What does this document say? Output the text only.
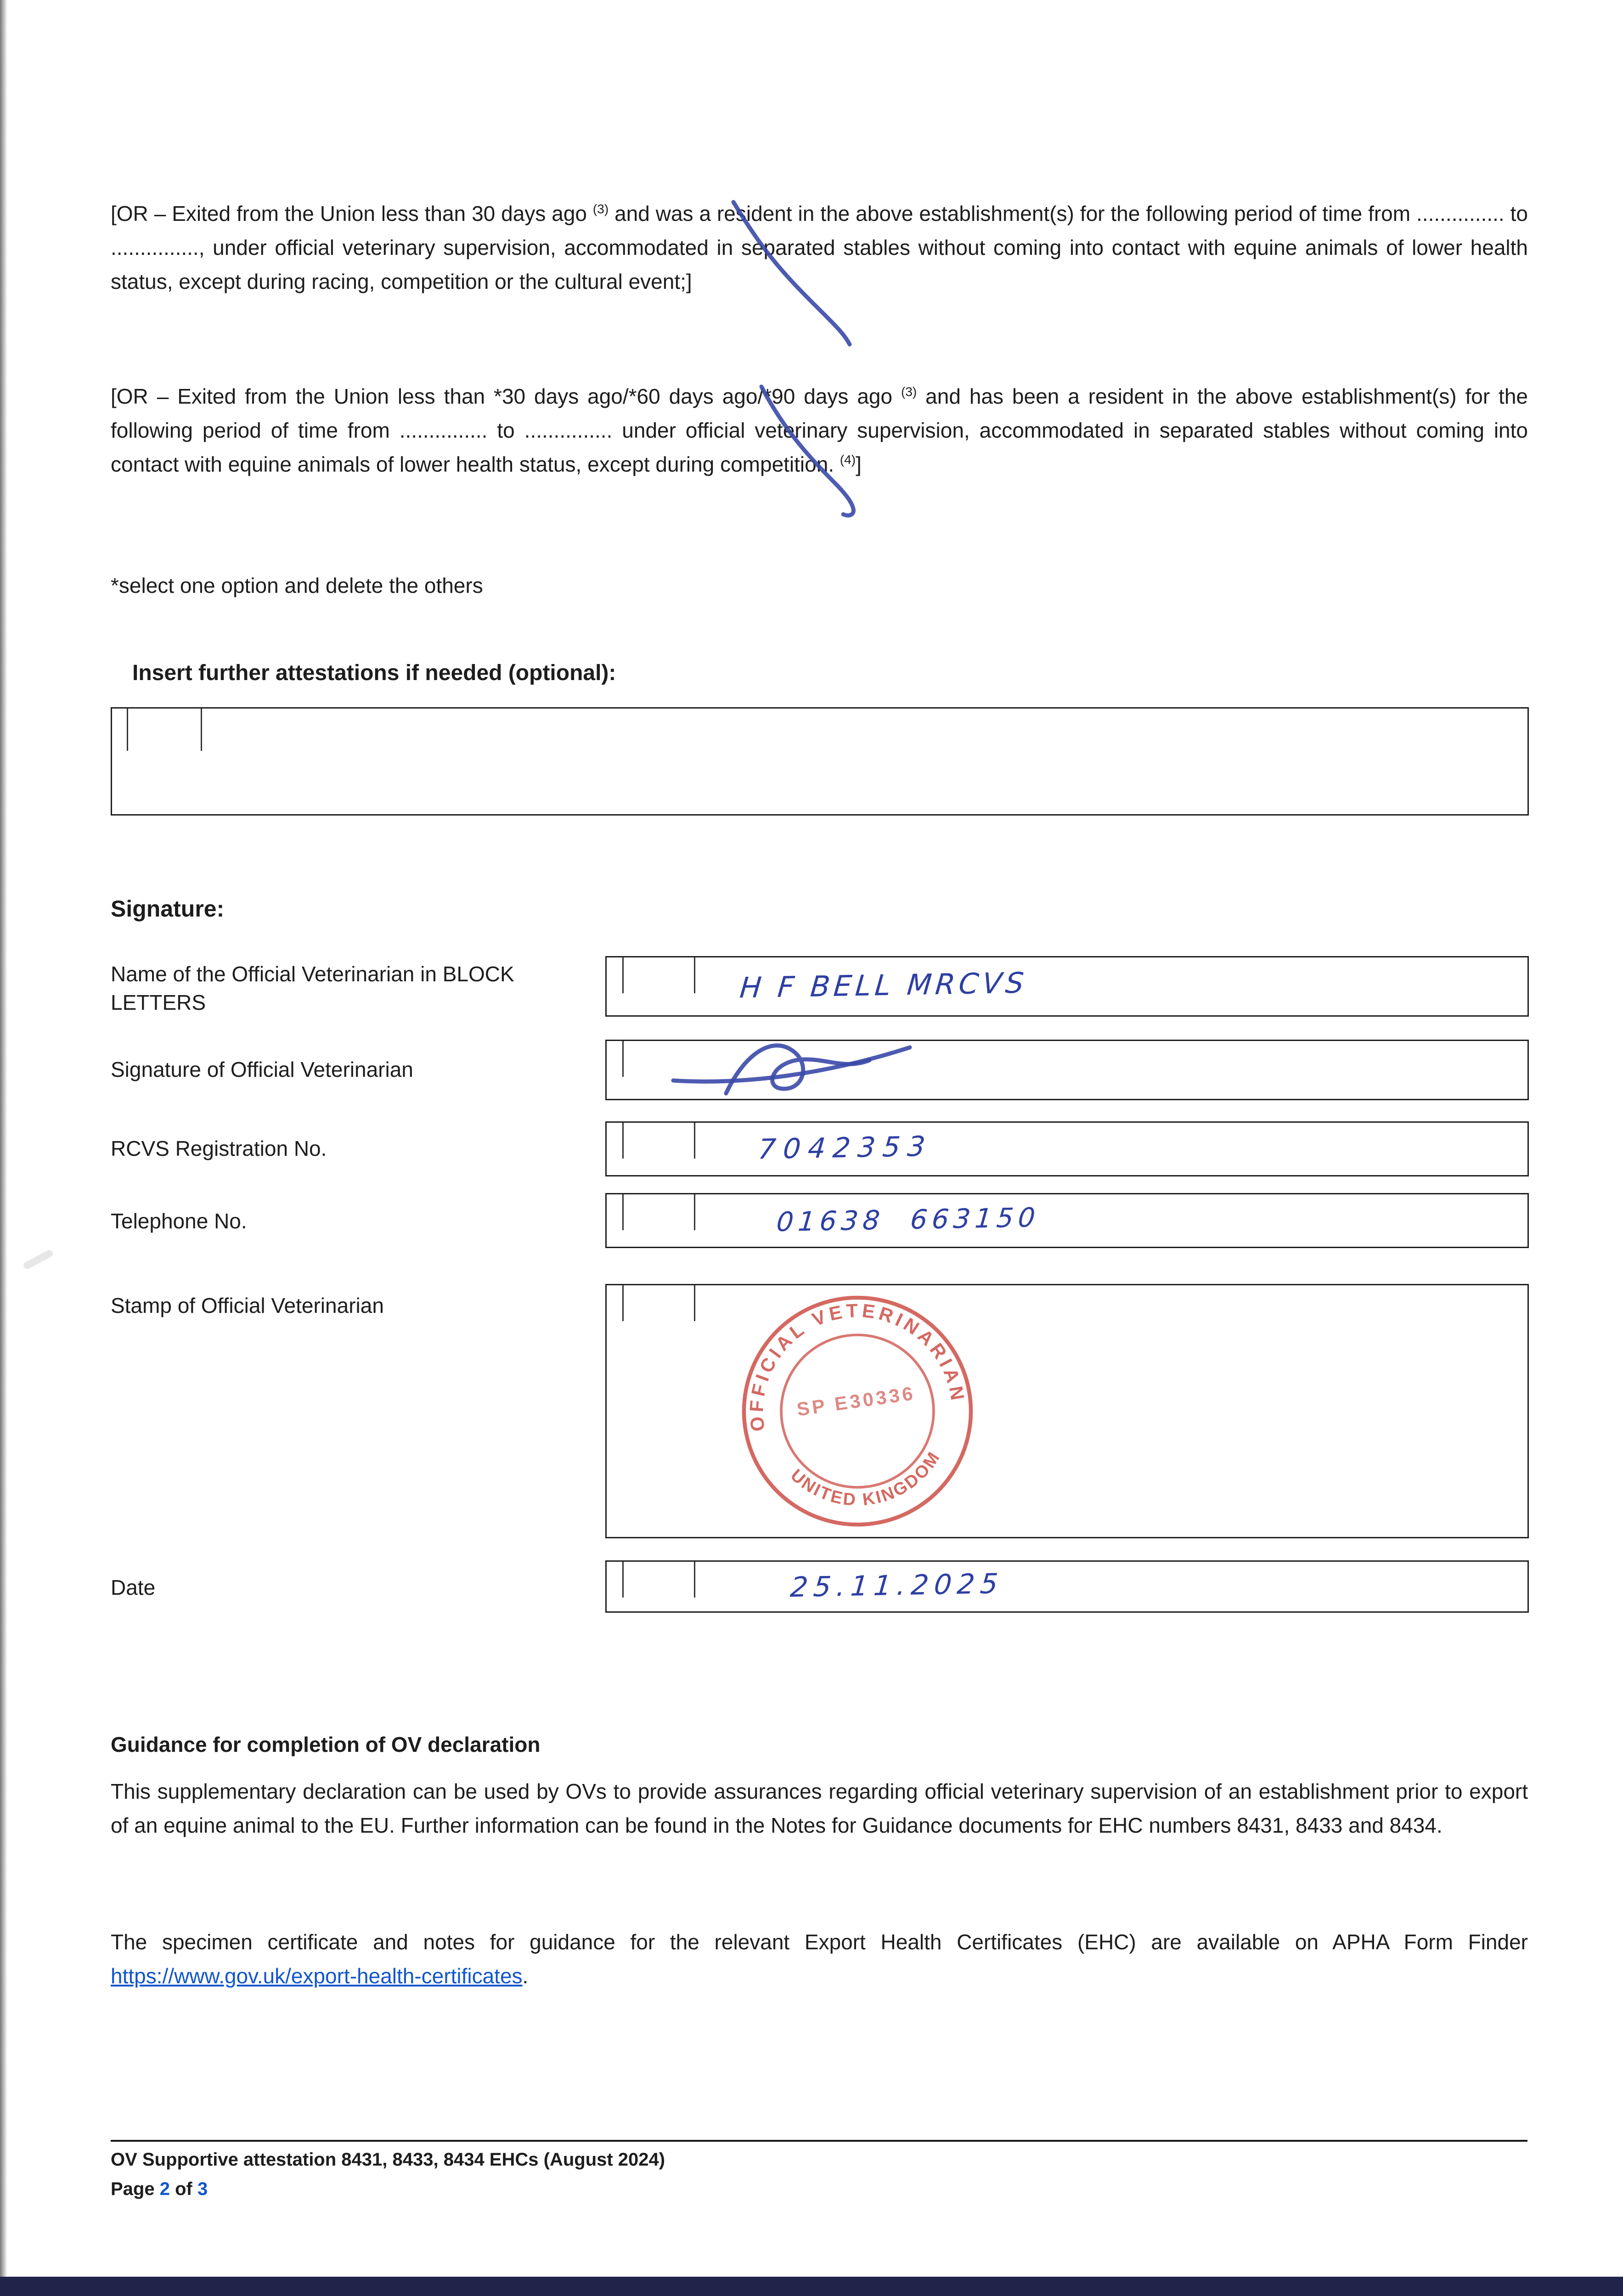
[OR – Exited from the Union less than 30 days ago $^{(3)}$ and was a resident in the above establishment(s) for the following period of time from ............... to ..............., under official veterinary supervision, accommodated in separated stables without coming into contact with equine animals of lower health status, except during racing, competition or the cultural event;]

[OR – Exited from the Union less than *30 days ago/*60 days ago/*90 days ago $^{(3)}$ and has been a resident in the above establishment(s) for the following period of time from ............... to ............... under official veterinary supervision, accommodated in separated stables without coming into contact with equine animals of lower health status, except during competition. $^{(4)}$]

*select one option and delete the others

Insert further attestations if needed (optional):

Signature:

Name of the Official Veterinarian in BLOCK LETTERS	H F BELL MRCVS

Signature of Official Veterinarian

RCVS Registration No.	7042353

Telephone No.	01638  663150

Stamp of Official Veterinarian

OFFICIAL VETERINARIAN
UNITED KINGDOM
SP E30336

Date	25.11.2025

Guidance for completion of OV declaration

This supplementary declaration can be used by OVs to provide assurances regarding official veterinary supervision of an establishment prior to export of an equine animal to the EU. Further information can be found in the Notes for Guidance documents for EHC numbers 8431, 8433 and 8434.

The specimen certificate and notes for guidance for the relevant Export Health Certificates (EHC) are available on APHA Form Finder https://www.gov.uk/export-health-certificates.

OV Supportive attestation 8431, 8433, 8434 EHCs (August 2024)

Page 2 of 3
